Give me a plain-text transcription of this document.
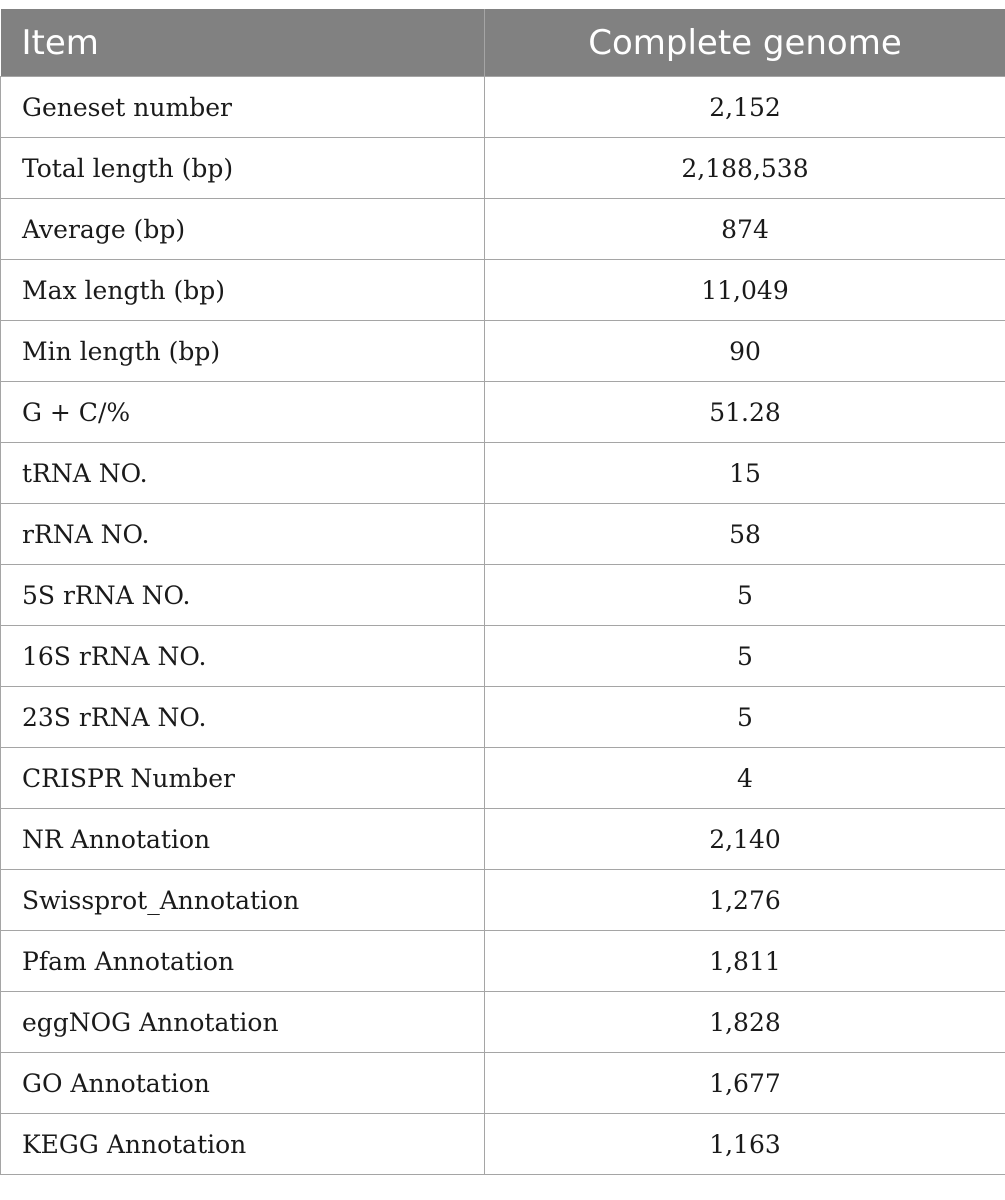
Item	Complete genome
Geneset number	2,152
Total length (bp)	2,188,538
Average (bp)	874
Max length (bp)	11,049
Min length (bp)	90
G + C/%	51.28
tRNA NO.	15
rRNA NO.	58
5S rRNA NO.	5
16S rRNA NO.	5
23S rRNA NO.	5
CRISPR Number	4
NR Annotation	2,140
Swissprot_Annotation	1,276
Pfam Annotation	1,811
eggNOG Annotation	1,828
GO Annotation	1,677
KEGG Annotation	1,163
